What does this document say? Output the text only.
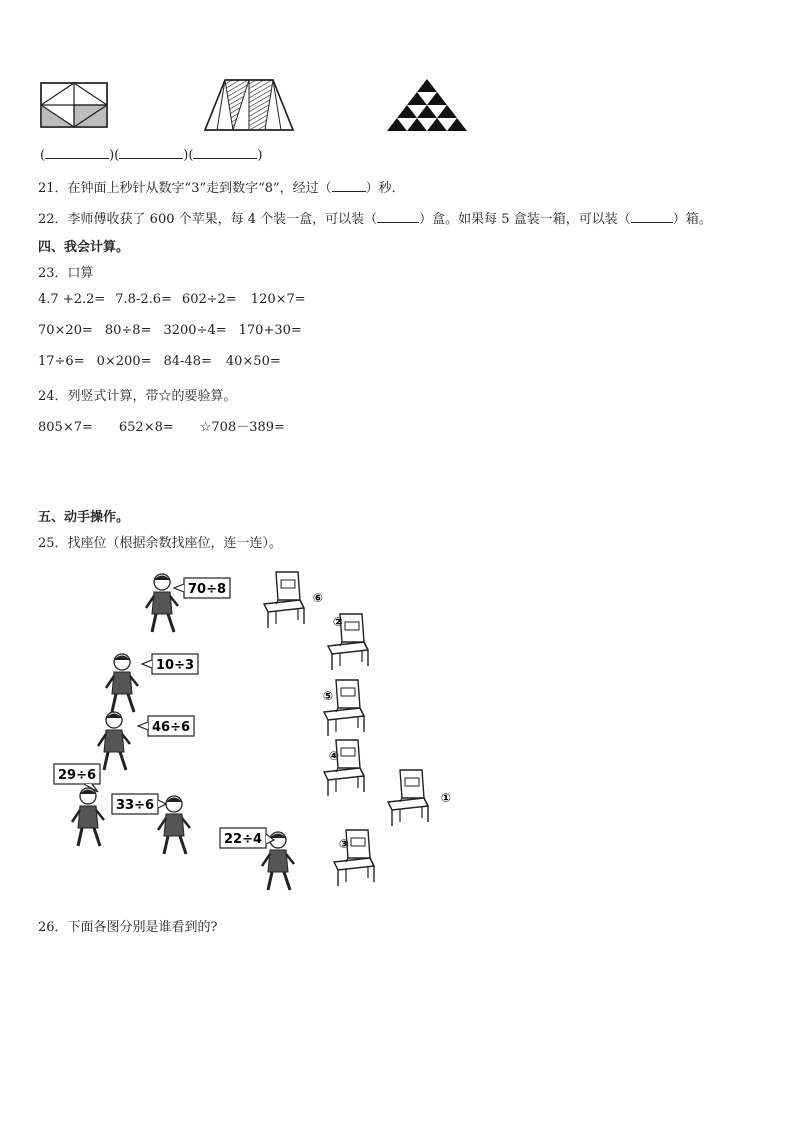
(	)(	)(	)
21．在钟面上秒针从数字“3”走到数字“8”，经过（	）秒．
22．李师傅收获了 600 个苹果，每 4 个装一盒，可以装（	）盒。如果每 5 盒装一箱，可以装（	）箱。
四、我会计算。
23．口算
4.7 +2.2= 7.8-2.6= 602÷2= 120×7=
70×20= 80÷8= 3200÷4= 170+30=
17÷6= 0×200= 84-48= 40×50=
24．列竖式计算，带☆的要验算。
805×7= 652×8= ☆708－389=
五、动手操作。
25．找座位（根据余数找座位，连一连）。
70÷8
10÷3
46÷6
29÷6
33÷6
22÷4
⑥
②
⑤
④
①
③
26．下面各图分别是谁看到的?
